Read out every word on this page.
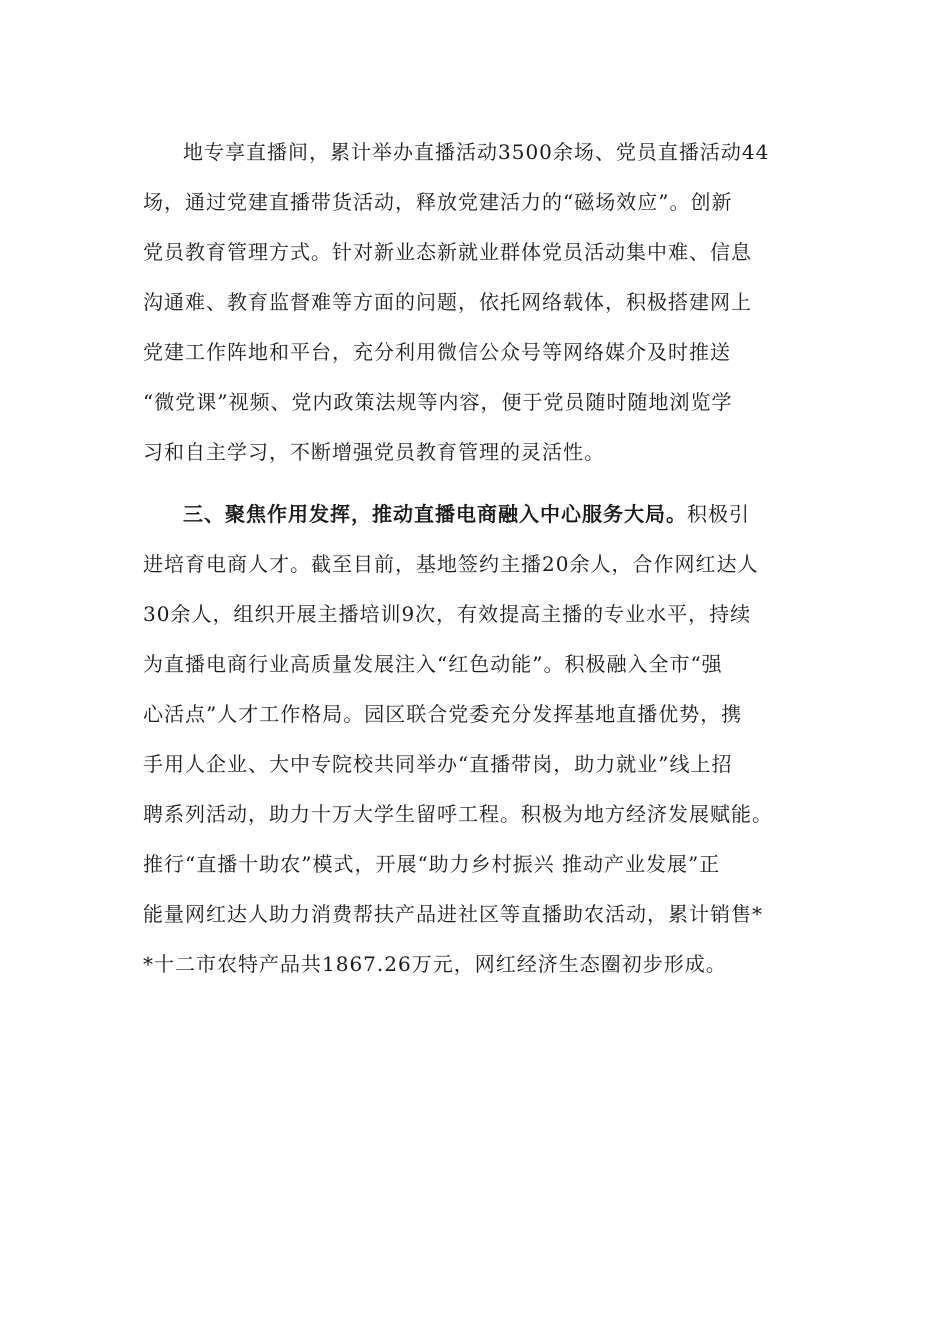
地专享直播间，累计举办直播活动3500余场、党员直播活动44
场，通过党建直播带货活动，释放党建活力的“磁场效应”。创新
党员教育管理方式。针对新业态新就业群体党员活动集中难、信息
沟通难、教育监督难等方面的问题，依托网络载体，积极搭建网上
党建工作阵地和平台，充分利用微信公众号等网络媒介及时推送
“微党课”视频、党内政策法规等内容，便于党员随时随地浏览学
习和自主学习，不断增强党员教育管理的灵活性。
三、聚焦作用发挥，推动直播电商融入中心服务大局。积极引
进培育电商人才。截至目前，基地签约主播20余人，合作网红达人
30余人，组织开展主播培训9次，有效提高主播的专业水平，持续
为直播电商行业高质量发展注入“红色动能”。积极融入全市“强
心活点”人才工作格局。园区联合党委充分发挥基地直播优势，携
手用人企业、大中专院校共同举办“直播带岗，助力就业”线上招
聘系列活动，助力十万大学生留呼工程。积极为地方经济发展赋能。
推行“直播十助农”模式，开展“助力乡村振兴 推动产业发展”正
能量网红达人助力消费帮扶产品进社区等直播助农活动，累计销售*
*十二市农特产品共1867.26万元，网红经济生态圈初步形成。
